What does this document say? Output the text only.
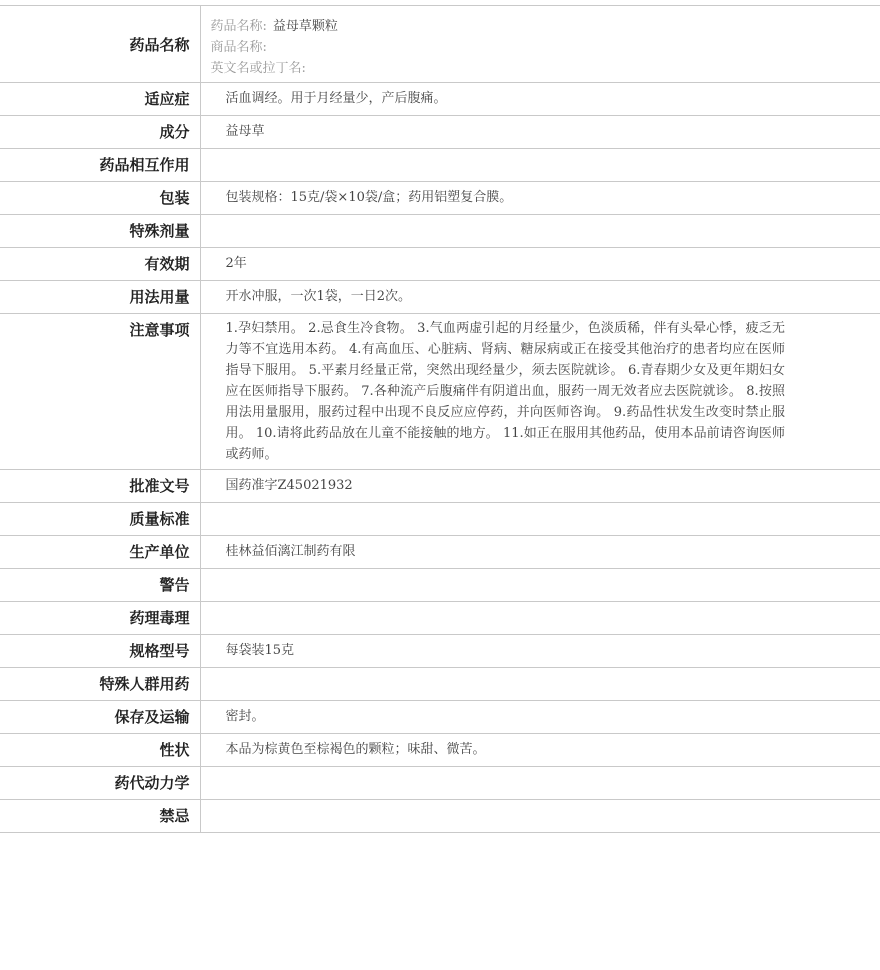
药品名称	药品名称: 益母草颗粒
商品名称:
英文名或拉丁名:

适应症	活血调经。用于月经量少，产后腹痛。
成分	益母草
药品相互作用	
包装	包装规格：15克/袋×10袋/盒；药用铝塑复合膜。
特殊剂量	
有效期	2年
用法用量	开水冲服，一次1袋，一日2次。
注意事项	1.孕妇禁用。 2.忌食生冷食物。 3.气血两虚引起的月经量少，色淡质稀，伴有头晕心悸，疲乏无力等不宜选用本药。 4.有高血压、心脏病、肾病、糖尿病或正在接受其他治疗的患者均应在医师指导下服用。 5.平素月经量正常，突然出现经量少，须去医院就诊。 6.青春期少女及更年期妇女应在医师指导下服药。 7.各种流产后腹痛伴有阴道出血，服药一周无效者应去医院就诊。 8.按照用法用量服用，服药过程中出现不良反应应停药，并向医师咨询。 9.药品性状发生改变时禁止服用。 10.请将此药品放在儿童不能接触的地方。 11.如正在服用其他药品，使用本品前请咨询医师或药师。
批准文号	国药准字Z45021932
质量标准	
生产单位	桂林益佰漓江制药有限
警告	
药理毒理	
规格型号	每袋装15克
特殊人群用药	
保存及运输	密封。
性状	本品为棕黄色至棕褐色的颗粒；味甜、微苦。
药代动力学	
禁忌	
